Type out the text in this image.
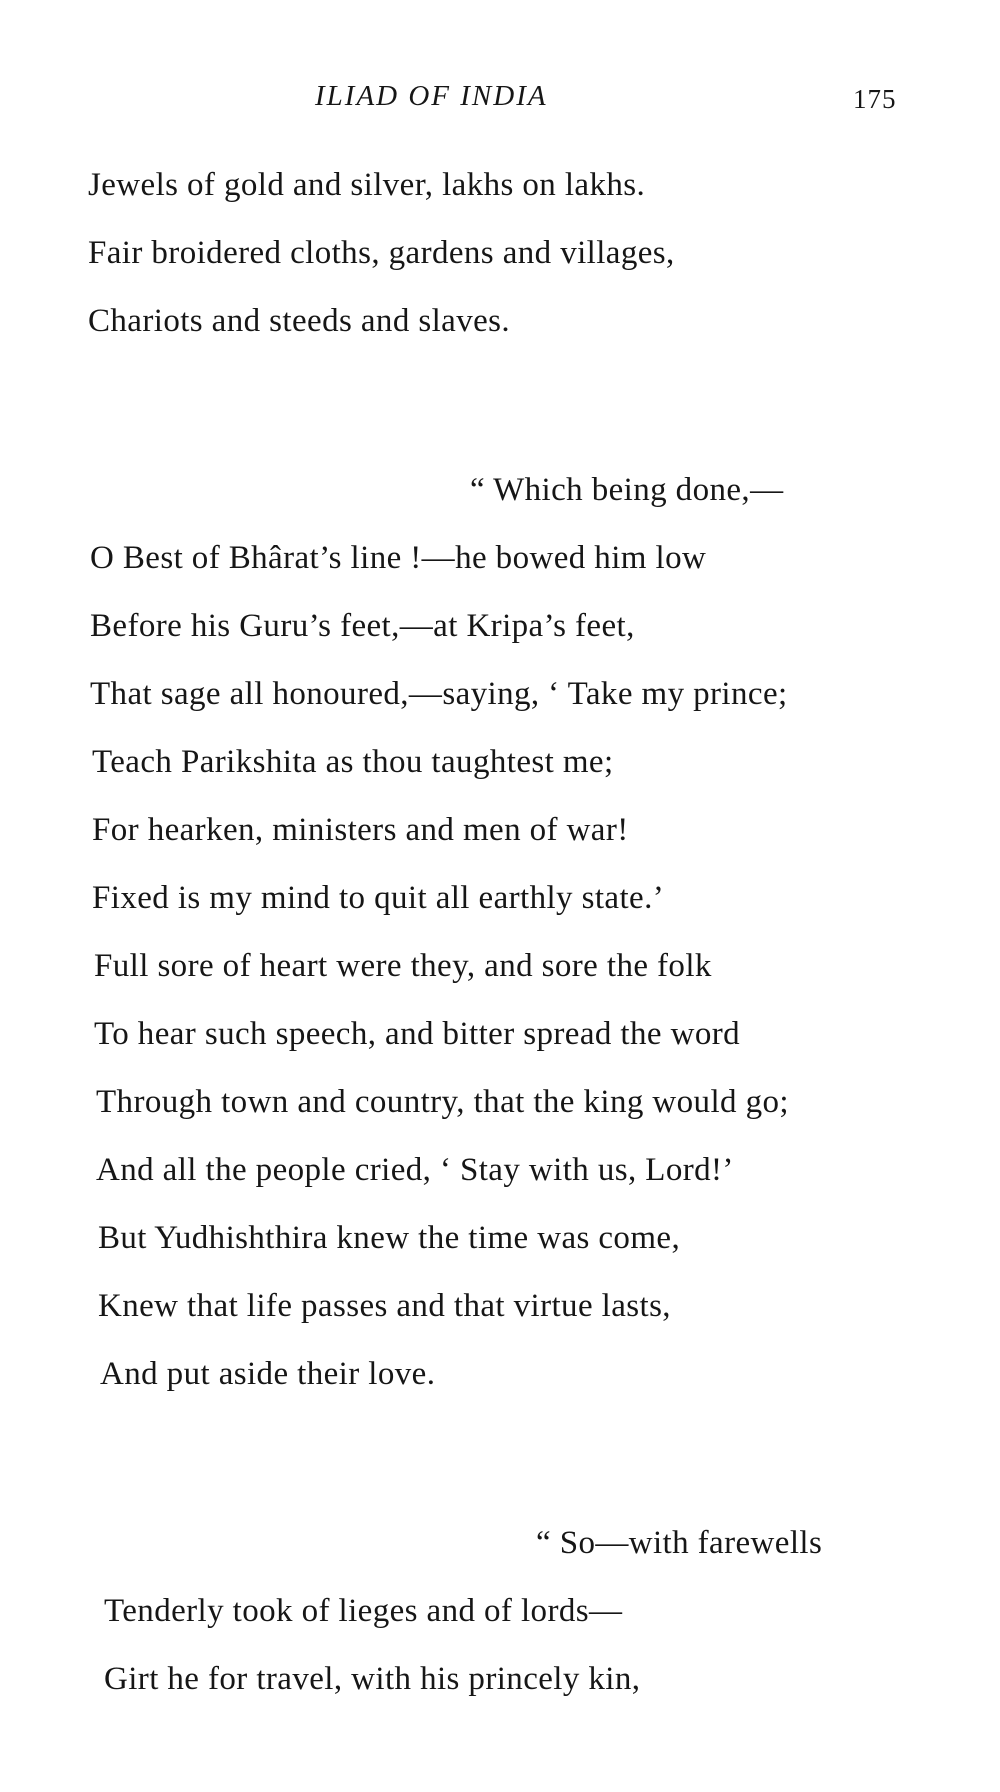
ILIAD OF INDIA	175
Jewels of gold and silver, lakhs on lakhs.
Fair broidered cloths, gardens and villages,
Chariots and steeds and slaves.
“ Which being done,—
O Best of Bhârat’s line !—he bowed him low
Before his Guru’s feet,—at Kripa’s feet,
That sage all honoured,—saying, ‘ Take my prince;
Teach Parikshita as thou taughtest me;
For hearken, ministers and men of war!
Fixed is my mind to quit all earthly state.’
Full sore of heart were they, and sore the folk
To hear such speech, and bitter spread the word
Through town and country, that the king would go;
And all the people cried, ‘ Stay with us, Lord!’
But Yudhishthira knew the time was come,
Knew that life passes and that virtue lasts,
And put aside their love.
“ So—with farewells
Tenderly took of lieges and of lords—
Girt he for travel, with his princely kin,
